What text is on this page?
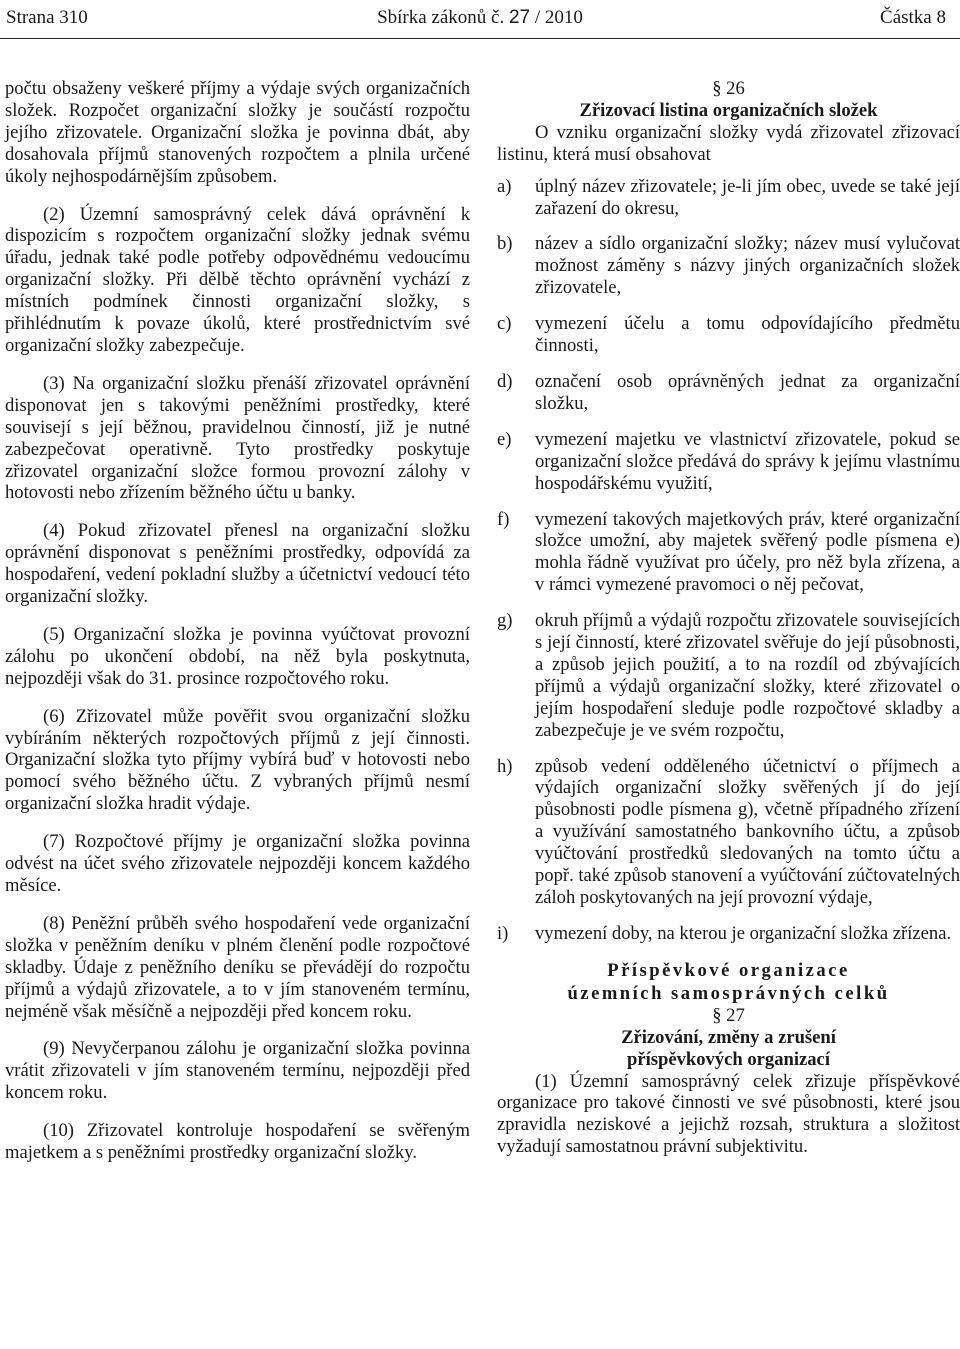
Strana 310	Sbírka zákonů č. 27 / 2010	Částka 8

počtu obsaženy veškeré příjmy a výdaje svých organizačních složek. Rozpočet organizační složky je součástí rozpočtu jejího zřizovatele. Organizační složka je povinna dbát, aby dosahovala příjmů stanovených rozpočtem a plnila určené úkoly nejhospodárnějším způsobem.

(2) Územní samosprávný celek dává oprávnění k dispozicím s rozpočtem organizační složky jednak svému úřadu, jednak také podle potřeby odpovědnému vedoucímu organizační složky. Při dělbě těchto oprávnění vychází z místních podmínek činnosti organizační složky, s přihlédnutím k povaze úkolů, které prostřednictvím své organizační složky zabezpečuje.

(3) Na organizační složku přenáší zřizovatel oprávnění disponovat jen s takovými peněžními prostředky, které souvisejí s její běžnou, pravidelnou činností, již je nutné zabezpečovat operativně. Tyto prostředky poskytuje zřizovatel organizační složce formou provozní zálohy v hotovosti nebo zřízením běžného účtu u banky.

(4) Pokud zřizovatel přenesl na organizační složku oprávnění disponovat s peněžními prostředky, odpovídá za hospodaření, vedení pokladní služby a účetnictví vedoucí této organizační složky.

(5) Organizační složka je povinna vyúčtovat provozní zálohu po ukončení období, na něž byla poskytnuta, nejpozději však do 31. prosince rozpočtového roku.

(6) Zřizovatel může pověřit svou organizační složku vybíráním některých rozpočtových příjmů z její činnosti. Organizační složka tyto příjmy vybírá buď v hotovosti nebo pomocí svého běžného účtu. Z vybraných příjmů nesmí organizační složka hradit výdaje.

(7) Rozpočtové příjmy je organizační složka povinna odvést na účet svého zřizovatele nejpozději koncem každého měsíce.

(8) Peněžní průběh svého hospodaření vede organizační složka v peněžním deníku v plném členění podle rozpočtové skladby. Údaje z peněžního deníku se převádějí do rozpočtu příjmů a výdajů zřizovatele, a to v jím stanoveném termínu, nejméně však měsíčně a nejpozději před koncem roku.

(9) Nevyčerpanou zálohu je organizační složka povinna vrátit zřizovateli v jím stanoveném termínu, nejpozději před koncem roku.

(10) Zřizovatel kontroluje hospodaření se svěřeným majetkem a s peněžními prostředky organizační složky.

§ 26

Zřizovací listina organizačních složek

O vzniku organizační složky vydá zřizovatel zřizovací listinu, která musí obsahovat

a)	úplný název zřizovatele; je-li jím obec, uvede se také její zařazení do okresu,
b)	název a sídlo organizační složky; název musí vylučovat možnost záměny s názvy jiných organizačních složek zřizovatele,
c)	vymezení účelu a tomu odpovídajícího předmětu činnosti,
d)	označení osob oprávněných jednat za organizační složku,
e)	vymezení majetku ve vlastnictví zřizovatele, pokud se organizační složce předává do správy k jejímu vlastnímu hospodářskému využití,
f)	vymezení takových majetkových práv, které organizační složce umožní, aby majetek svěřený podle písmena e) mohla řádně využívat pro účely, pro něž byla zřízena, a v rámci vymezené pravomoci o něj pečovat,
g)	okruh příjmů a výdajů rozpočtu zřizovatele souvisejících s její činností, které zřizovatel svěřuje do její působnosti, a způsob jejich použití, a to na rozdíl od zbývajících příjmů a výdajů organizační složky, které zřizovatel o jejím hospodaření sleduje podle rozpočtové skladby a zabezpečuje je ve svém rozpočtu,
h)	způsob vedení odděleného účetnictví o příjmech a výdajích organizační složky svěřených jí do její působnosti podle písmena g), včetně případného zřízení a využívání samostatného bankovního účtu, a způsob vyúčtování prostředků sledovaných na tomto účtu a popř. také způsob stanovení a vyúčtování zúčtovatelných záloh poskytovaných na její provozní výdaje,
i)	vymezení doby, na kterou je organizační složka zřízena.

Příspěvkové organizace
územních samosprávných celků

§ 27

Zřizování, změny a zrušení
příspěvkových organizací

(1) Územní samosprávný celek zřizuje příspěvkové organizace pro takové činnosti ve své působnosti, které jsou zpravidla neziskové a jejichž rozsah, struktura a složitost vyžadují samostatnou právní subjektivitu.
